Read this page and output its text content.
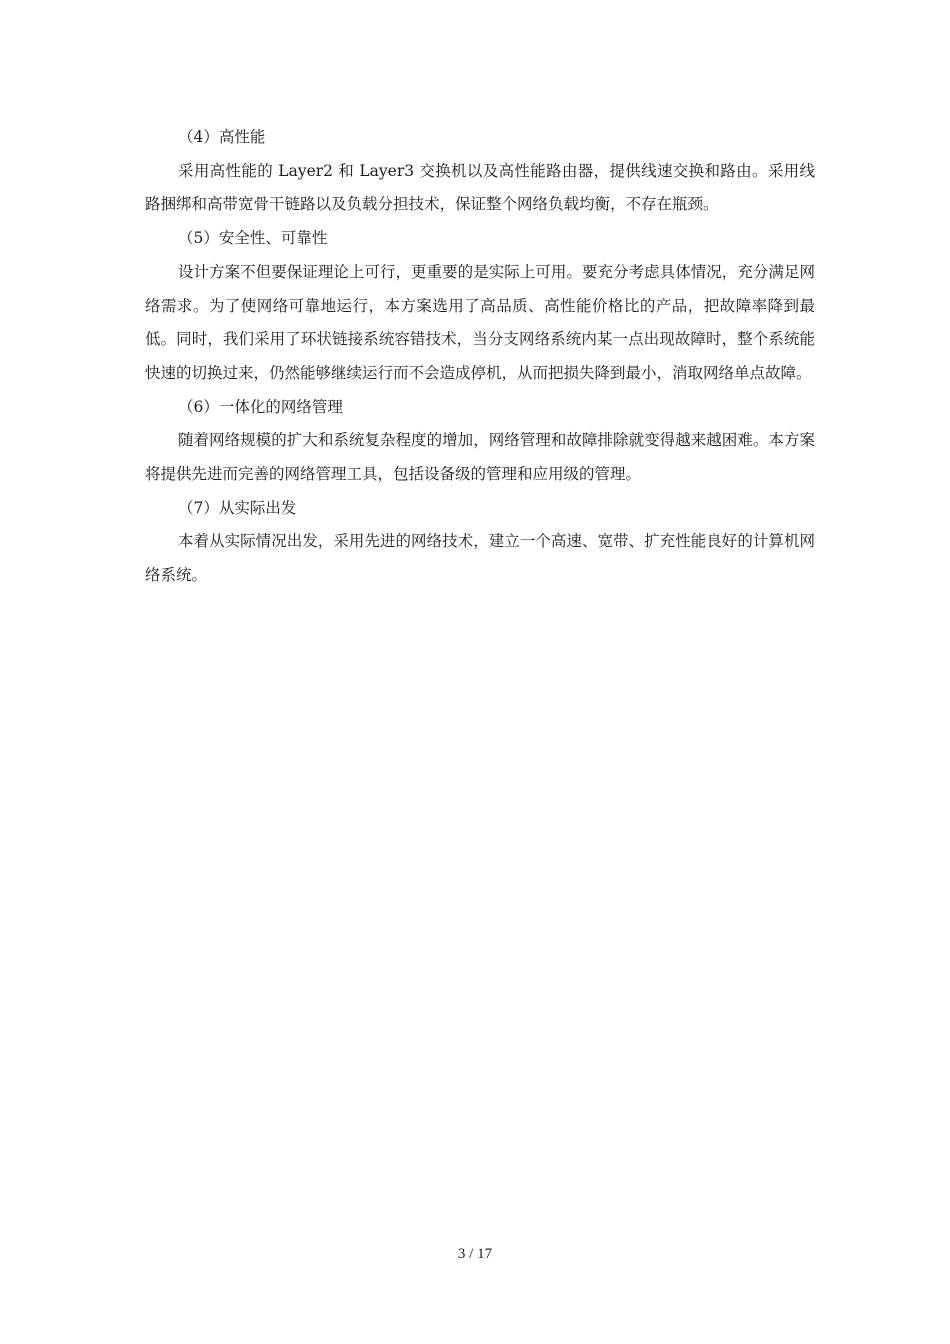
（4）高性能

采用高性能的 Layer2 和 Layer3 交换机以及高性能路由器，提供线速交换和路由。采用线路捆绑和高带宽骨干链路以及负载分担技术，保证整个网络负载均衡，不存在瓶颈。

（5）安全性、可靠性

设计方案不但要保证理论上可行，更重要的是实际上可用。要充分考虑具体情况，充分满足网络需求。为了使网络可靠地运行，本方案选用了高品质、高性能价格比的产品，把故障率降到最低。同时，我们采用了环状链接系统容错技术，当分支网络系统内某一点出现故障时，整个系统能快速的切换过来，仍然能够继续运行而不会造成停机，从而把损失降到最小，消取网络单点故障。

（6）一体化的网络管理

随着网络规模的扩大和系统复杂程度的增加，网络管理和故障排除就变得越来越困难。本方案将提供先进而完善的网络管理工具，包括设备级的管理和应用级的管理。

（7）从实际出发

本着从实际情况出发，采用先进的网络技术，建立一个高速、宽带、扩充性能良好的计算机网络系统。

3 / 17
